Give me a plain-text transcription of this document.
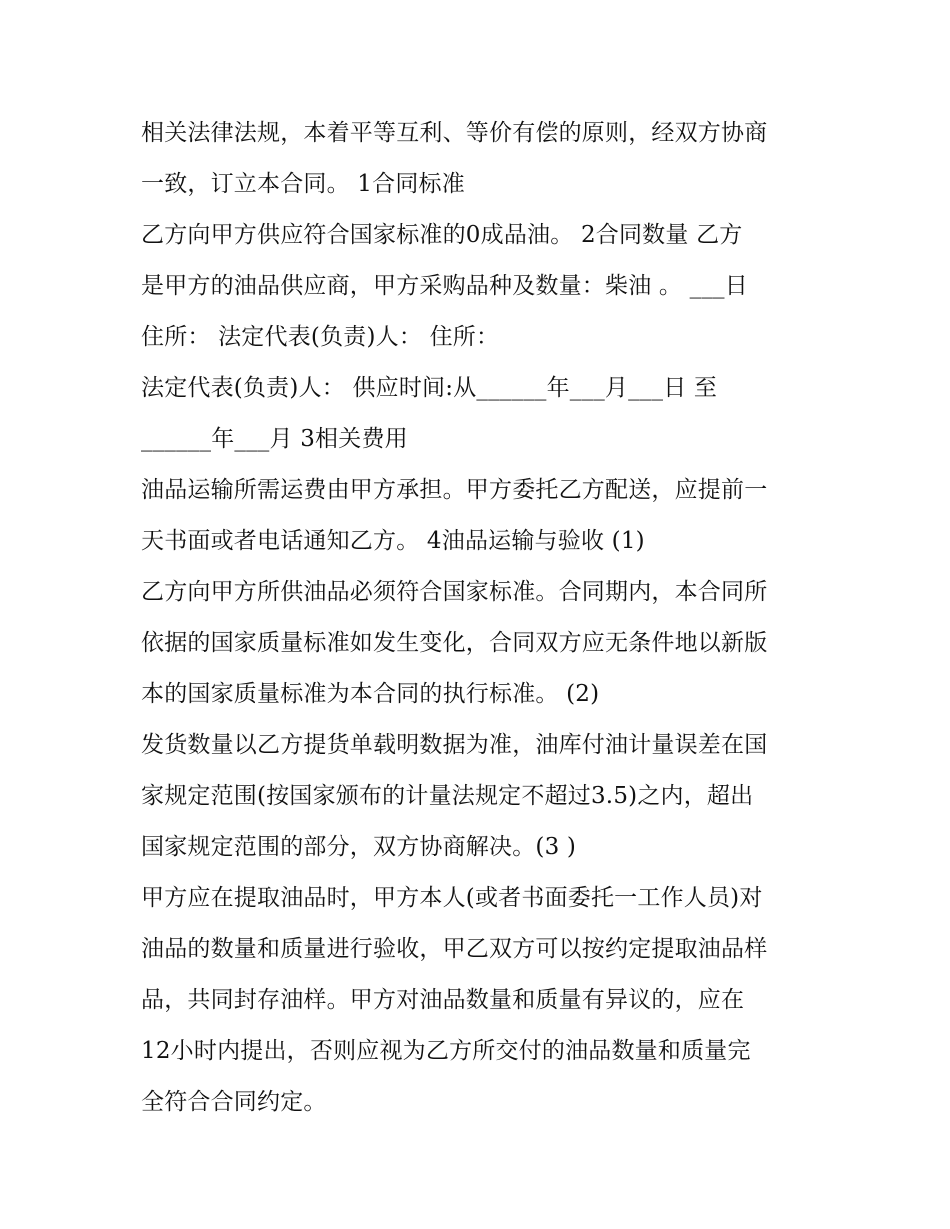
相关法律法规，本着平等互利、等价有偿的原则，经双方协商
一致，订立本合同。 1合同标准
乙方向甲方供应符合国家标准的0成品油。 2合同数量 乙方
是甲方的油品供应商，甲方采购品种及数量：柴油 。 ___日
住所： 法定代表(负责)人： 住所：
法定代表(负责)人： 供应时间:从______年___月___日 至
______年___月 3相关费用
油品运输所需运费由甲方承担。甲方委托乙方配送，应提前一
天书面或者电话通知乙方。 4油品运输与验收 (1)
乙方向甲方所供油品必须符合国家标准。合同期内，本合同所
依据的国家质量标准如发生变化，合同双方应无条件地以新版
本的国家质量标准为本合同的执行标准。 (2)
发货数量以乙方提货单载明数据为准，油库付油计量误差在国
家规定范围(按国家颁布的计量法规定不超过3.5)之内，超出
国家规定范围的部分，双方协商解决。(3 )
甲方应在提取油品时，甲方本人(或者书面委托一工作人员)对
油品的数量和质量进行验收，甲乙双方可以按约定提取油品样
品，共同封存油样。甲方对油品数量和质量有异议的，应在
12小时内提出，否则应视为乙方所交付的油品数量和质量完
全符合合同约定。
